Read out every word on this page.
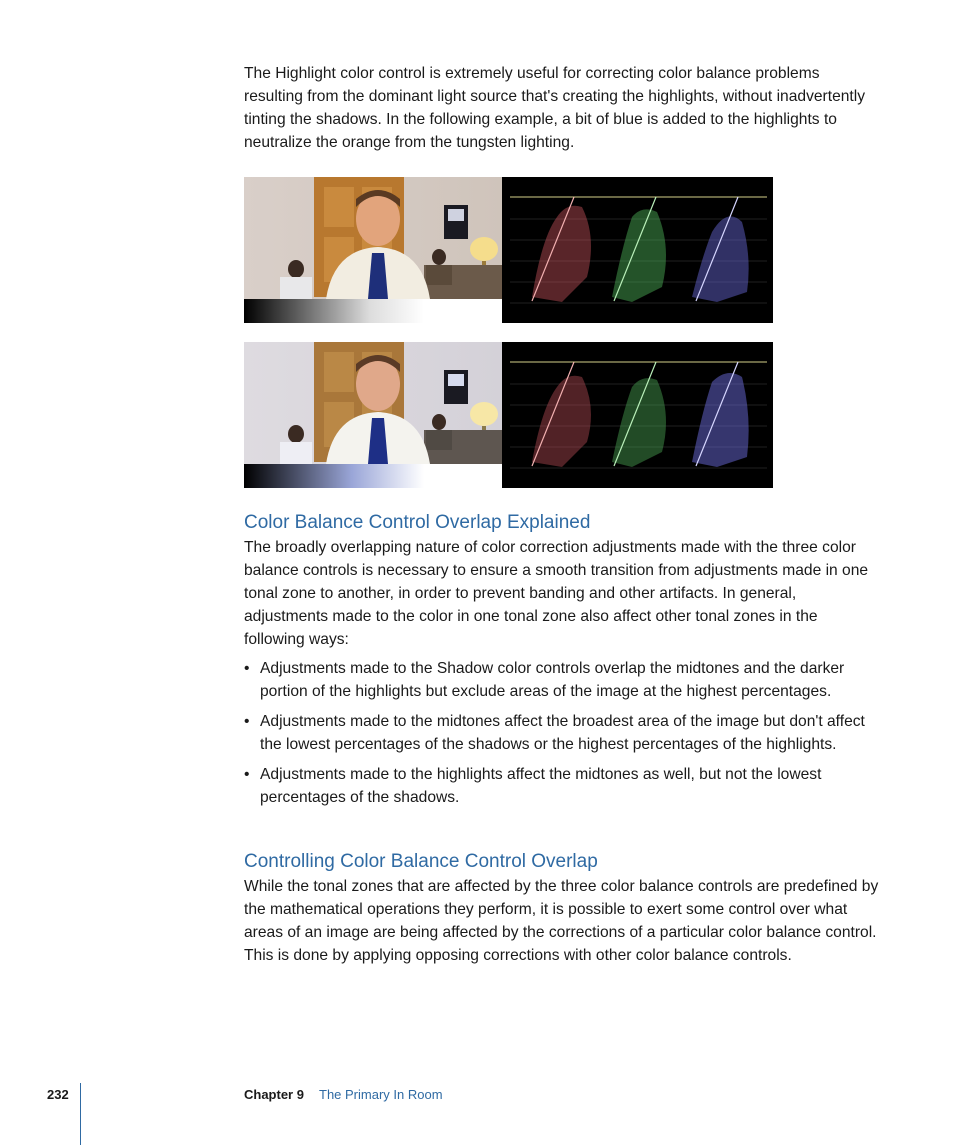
The Highlight color control is extremely useful for correcting color balance problems resulting from the dominant light source that's creating the highlights, without inadvertently tinting the shadows. In the following example, a bit of blue is added to the highlights to neutralize the orange from the tungsten lighting.

Color Balance Control Overlap Explained

The broadly overlapping nature of color correction adjustments made with the three color balance controls is necessary to ensure a smooth transition from adjustments made in one tonal zone to another, in order to prevent banding and other artifacts. In general, adjustments made to the color in one tonal zone also affect other tonal zones in the following ways:

• Adjustments made to the Shadow color controls overlap the midtones and the darker portion of the highlights but exclude areas of the image at the highest percentages.
• Adjustments made to the midtones affect the broadest area of the image but don't affect the lowest percentages of the shadows or the highest percentages of the highlights.
• Adjustments made to the highlights affect the midtones as well, but not the lowest percentages of the shadows.
Controlling Color Balance Control Overlap

While the tonal zones that are affected by the three color balance controls are predefined by the mathematical operations they perform, it is possible to exert some control over what areas of an image are being affected by the corrections of a particular color balance control. This is done by applying opposing corrections with other color balance controls.

232	Chapter 9 The Primary In Room
